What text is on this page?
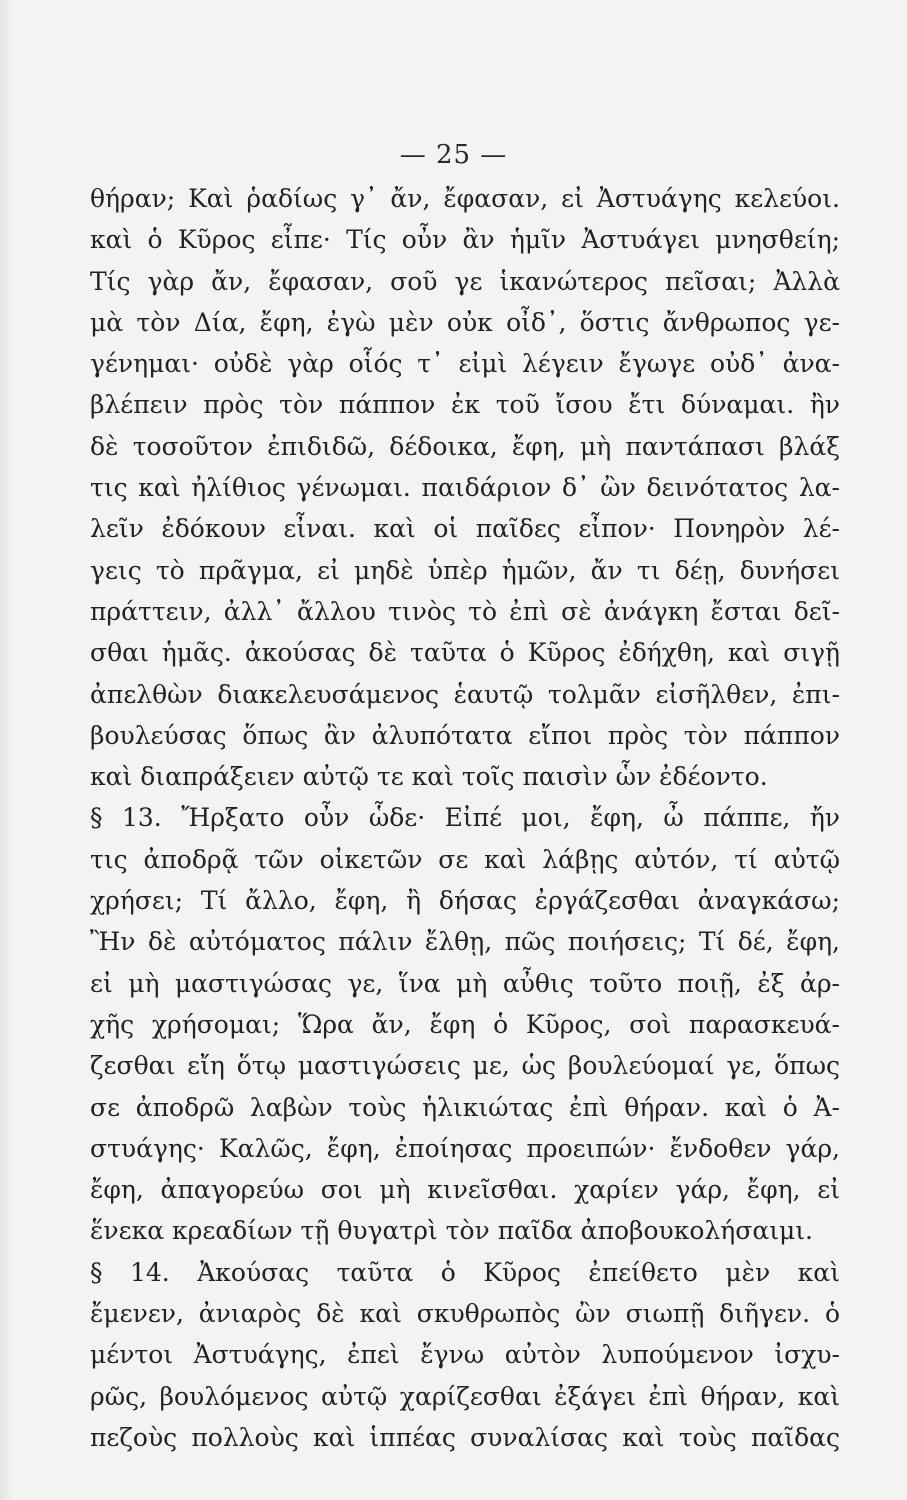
— 25 —
θήραν; Καὶ ῥαδίως γ᾽ ἄν, ἔφασαν, εἰ Ἀστυάγης κελεύοι.
καὶ ὁ Κῦρος εἶπε· Τίς οὖν ἂν ἡμῖν Ἀστυάγει μνησθείη;
Τίς γὰρ ἄν, ἔφασαν, σοῦ γε ἱκανώτερος πεῖσαι; Ἀλλὰ
μὰ τὸν Δία, ἔφη, ἐγὼ μὲν οὐκ οἶδ᾽, ὅστις ἄνθρωπος γε-
γένημαι· οὐδὲ γὰρ οἷός τ᾽ εἰμὶ λέγειν ἔγωγε οὐδ᾽ ἀνα-
βλέπειν πρὸς τὸν πάππον ἐκ τοῦ ἴσου ἔτι δύναμαι. ἢν
δὲ τοσοῦτον ἐπιδιδῶ, δέδοικα, ἔφη, μὴ παντάπασι βλάξ
τις καὶ ἠλίθιος γένωμαι. παιδάριον δ᾽ ὢν δεινότατος λα-
λεῖν ἐδόκουν εἶναι. καὶ οἱ παῖδες εἶπον· Πονηρὸν λέ-
γεις τὸ πρᾶγμα, εἰ μηδὲ ὑπὲρ ἡμῶν, ἄν τι δέῃ, δυνήσει
πράττειν, ἀλλ᾽ ἄλλου τινὸς τὸ ἐπὶ σὲ ἀνάγκη ἔσται δεῖ-
σθαι ἡμᾶς. ἀκούσας δὲ ταῦτα ὁ Κῦρος ἐδήχθη, καὶ σιγῇ
ἀπελθὼν διακελευσάμενος ἑαυτῷ τολμᾶν εἰσῆλθεν, ἐπι-
βουλεύσας ὅπως ἂν ἀλυπότατα εἴποι πρὸς τὸν πάππον
καὶ διαπράξειεν αὐτῷ τε καὶ τοῖς παισὶν ὧν ἐδέοντο.
§ 13. Ἤρξατο οὖν ὧδε· Εἰπέ μοι, ἔφη, ὦ πάππε, ἤν
τις ἀποδρᾷ τῶν οἰκετῶν σε καὶ λάβῃς αὐτόν, τί αὐτῷ
χρήσει; Τί ἄλλο, ἔφη, ἢ δήσας ἐργάζεσθαι ἀναγκάσω;
Ἢν δὲ αὐτόματος πάλιν ἔλθῃ, πῶς ποιήσεις; Τί δέ, ἔφη,
εἰ μὴ μαστιγώσας γε, ἵνα μὴ αὖθις τοῦτο ποιῇ, ἐξ ἀρ-
χῆς χρήσομαι; Ὥρα ἄν, ἔφη ὁ Κῦρος, σοὶ παρασκευά-
ζεσθαι εἴη ὅτῳ μαστιγώσεις με, ὡς βουλεύομαί γε, ὅπως
σε ἀποδρῶ λαβὼν τοὺς ἡλικιώτας ἐπὶ θήραν. καὶ ὁ Ἀ-
στυάγης· Καλῶς, ἔφη, ἐποίησας προειπών· ἔνδοθεν γάρ,
ἔφη, ἀπαγορεύω σοι μὴ κινεῖσθαι. χαρίεν γάρ, ἔφη, εἰ
ἕνεκα κρεαδίων τῇ θυγατρὶ τὸν παῖδα ἀποβουκολήσαιμι.
§ 14. Ἀκούσας ταῦτα ὁ Κῦρος ἐπείθετο μὲν καὶ
ἔμενεν, ἀνιαρὸς δὲ καὶ σκυθρωπὸς ὢν σιωπῇ διῆγεν. ὁ
μέντοι Ἀστυάγης, ἐπεὶ ἔγνω αὐτὸν λυπούμενον ἰσχυ-
ρῶς, βουλόμενος αὐτῷ χαρίζεσθαι ἐξάγει ἐπὶ θήραν, καὶ
πεζοὺς πολλοὺς καὶ ἱππέας συναλίσας καὶ τοὺς παῖδας
